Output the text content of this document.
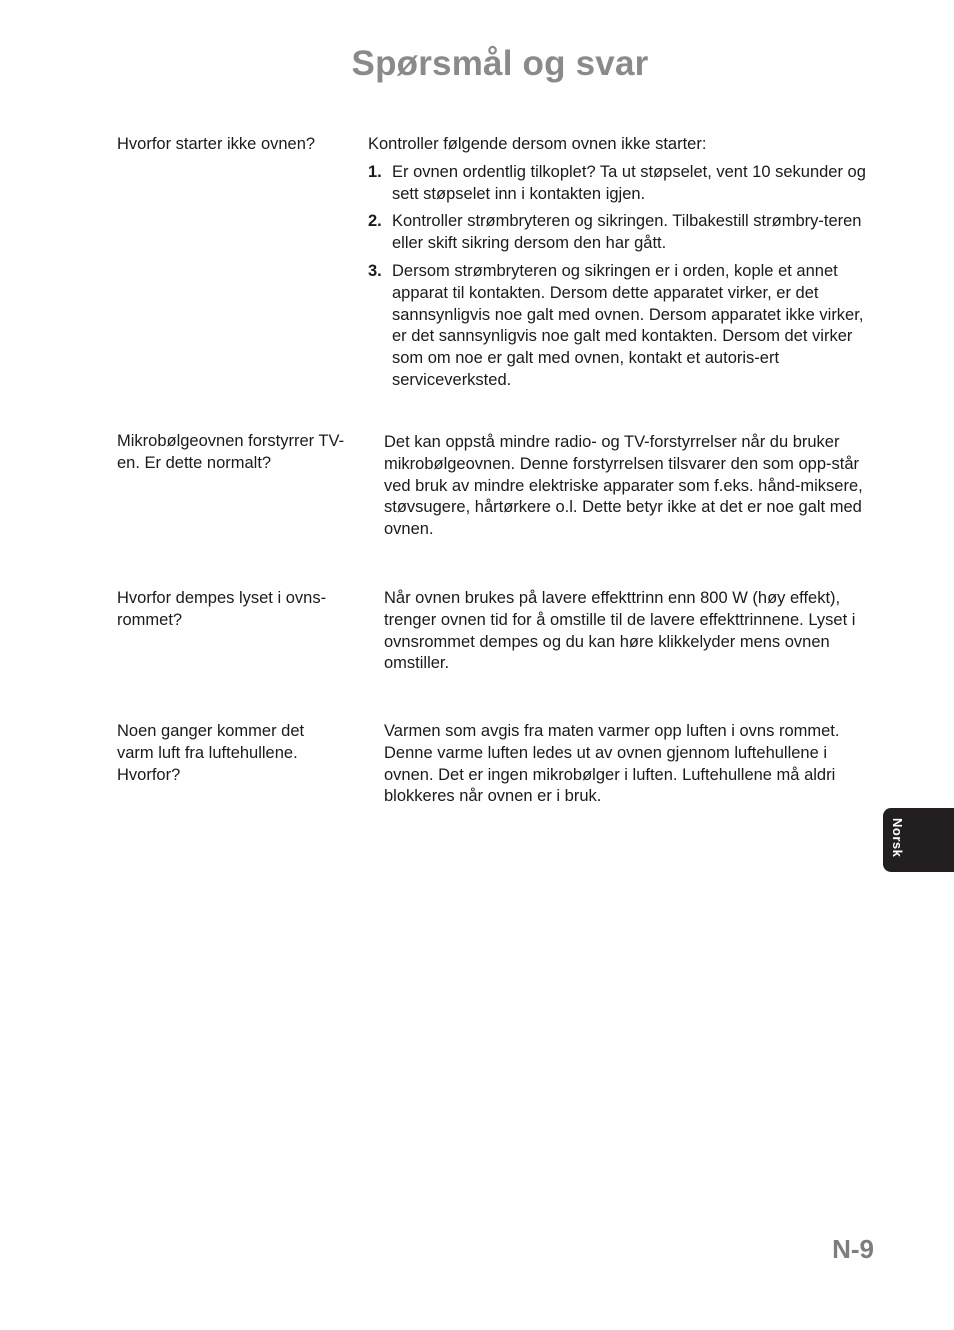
Spørsmål og svar
Hvorfor starter ikke ovnen?	Kontroller følgende dersom ovnen ikke starter:

1. Er ovnen ordentlig tilkoplet? Ta ut støpselet, vent 10 sekunder og sett støpselet inn i kontakten igjen.
2. Kontroller strømbryteren og sikringen. Tilbakestill strømbry-teren eller skift sikring dersom den har gått.
3. Dersom strømbryteren og sikringen er i orden, kople et annet apparat til kontakten. Dersom dette apparatet virker, er det sannsynligvis noe galt med ovnen. Dersom apparatet ikke virker, er det sannsynligvis noe galt med kontakten. Dersom det virker som om noe er galt med ovnen, kontakt et autoris-ert serviceverksted.
Mikrobølgeovnen forstyrrer TV-en. Er dette normalt?
Det kan oppstå mindre radio- og TV-forstyrrelser når du bruker mikrobølgeovnen. Denne forstyrrelsen tilsvarer den som opp-står ved bruk av mindre elektriske apparater som f.eks. hånd-miksere, støvsugere, hårtørkere o.l. Dette betyr ikke at det er noe galt med ovnen.
Hvorfor dempes lyset i ovns-rommet?
Når ovnen brukes på lavere effekttrinn enn 800 W (høy effekt), trenger ovnen tid for å omstille til de lavere effekttrinnene. Lyset i ovnsrommet dempes og du kan høre klikkelyder mens ovnen omstiller.
Noen ganger kommer det varm luft fra luftehullene. Hvorfor?
Varmen som avgis fra maten varmer opp luften i ovns rommet. Denne varme luften ledes ut av ovnen gjennom luftehullene i ovnen. Det er ingen mikrobølger i luften. Luftehullene må aldri blokkeres når ovnen er i bruk.
Norsk
N-9
